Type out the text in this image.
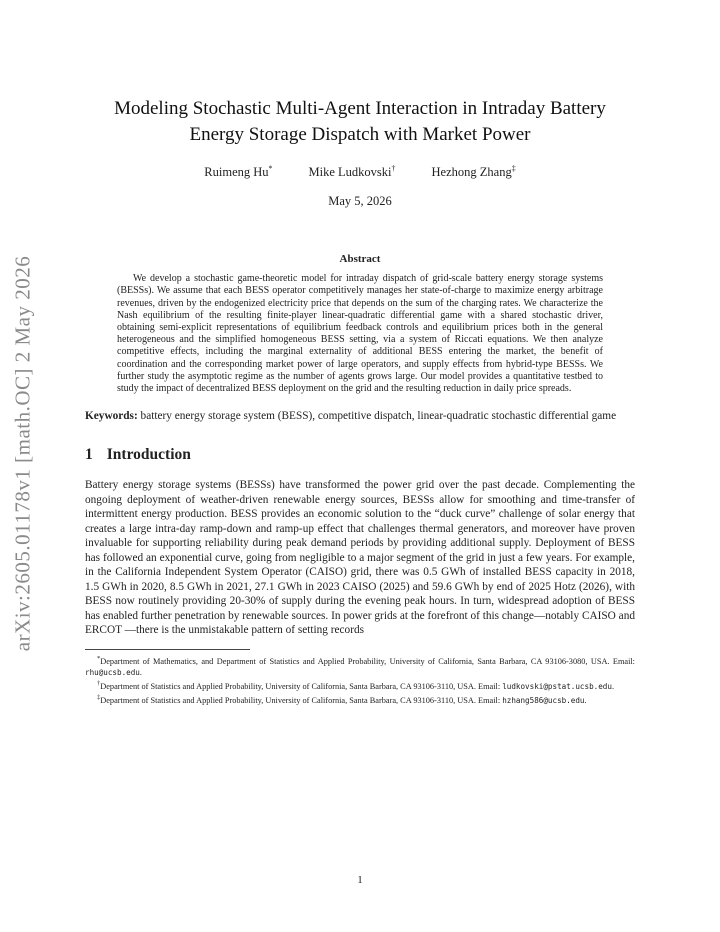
arXiv:2605.01178v1 [math.OC] 2 May 2026
Modeling Stochastic Multi-Agent Interaction in Intraday Battery Energy Storage Dispatch with Market Power
Ruimeng Hu*	Mike Ludkovski†	Hezhong Zhang‡
May 5, 2026
Abstract

We develop a stochastic game-theoretic model for intraday dispatch of grid-scale battery energy storage systems (BESSs). We assume that each BESS operator competitively manages her state-of-charge to maximize energy arbitrage revenues, driven by the endogenized electricity price that depends on the sum of the charging rates. We characterize the Nash equilibrium of the resulting finite-player linear-quadratic differential game with a shared stochastic driver, obtaining semi-explicit representations of equilibrium feedback controls and equilibrium prices both in the general heterogeneous and the simplified homogeneous BESS setting, via a system of Riccati equations. We then analyze competitive effects, including the marginal externality of additional BESS entering the market, the benefit of coordination and the corresponding market power of large operators, and supply effects from hybrid-type BESSs. We further study the asymptotic regime as the number of agents grows large. Our model provides a quantitative testbed to study the impact of decentralized BESS deployment on the grid and the resulting reduction in daily price spreads.

Keywords: battery energy storage system (BESS), competitive dispatch, linear-quadratic stochastic differential game

1 Introduction

Battery energy storage systems (BESSs) have transformed the power grid over the past decade. Complementing the ongoing deployment of weather-driven renewable energy sources, BESSs allow for smoothing and time-transfer of intermittent energy production. BESS provides an economic solution to the “duck curve” challenge of solar energy that creates a large intra-day ramp-down and ramp-up effect that challenges thermal generators, and moreover have proven invaluable for supporting reliability during peak demand periods by providing additional supply. Deployment of BESS has followed an exponential curve, going from negligible to a major segment of the grid in just a few years. For example, in the California Independent System Operator (CAISO) grid, there was 0.5 GWh of installed BESS capacity in 2018, 1.5 GWh in 2020, 8.5 GWh in 2021, 27.1 GWh in 2023 CAISO (2025) and 59.6 GWh by end of 2025 Hotz (2026), with BESS now routinely providing 20-30% of supply during the evening peak hours. In turn, widespread adoption of BESS has enabled further penetration by renewable sources. In power grids at the forefront of this change—notably CAISO and ERCOT —there is the unmistakable pattern of setting records

*Department of Mathematics, and Department of Statistics and Applied Probability, University of California, Santa Barbara, CA 93106-3080, USA. Email: rhu@ucsb.edu.

†Department of Statistics and Applied Probability, University of California, Santa Barbara, CA 93106-3110, USA. Email: ludkovski@pstat.ucsb.edu.

‡Department of Statistics and Applied Probability, University of California, Santa Barbara, CA 93106-3110, USA. Email: hzhang586@ucsb.edu.

1
